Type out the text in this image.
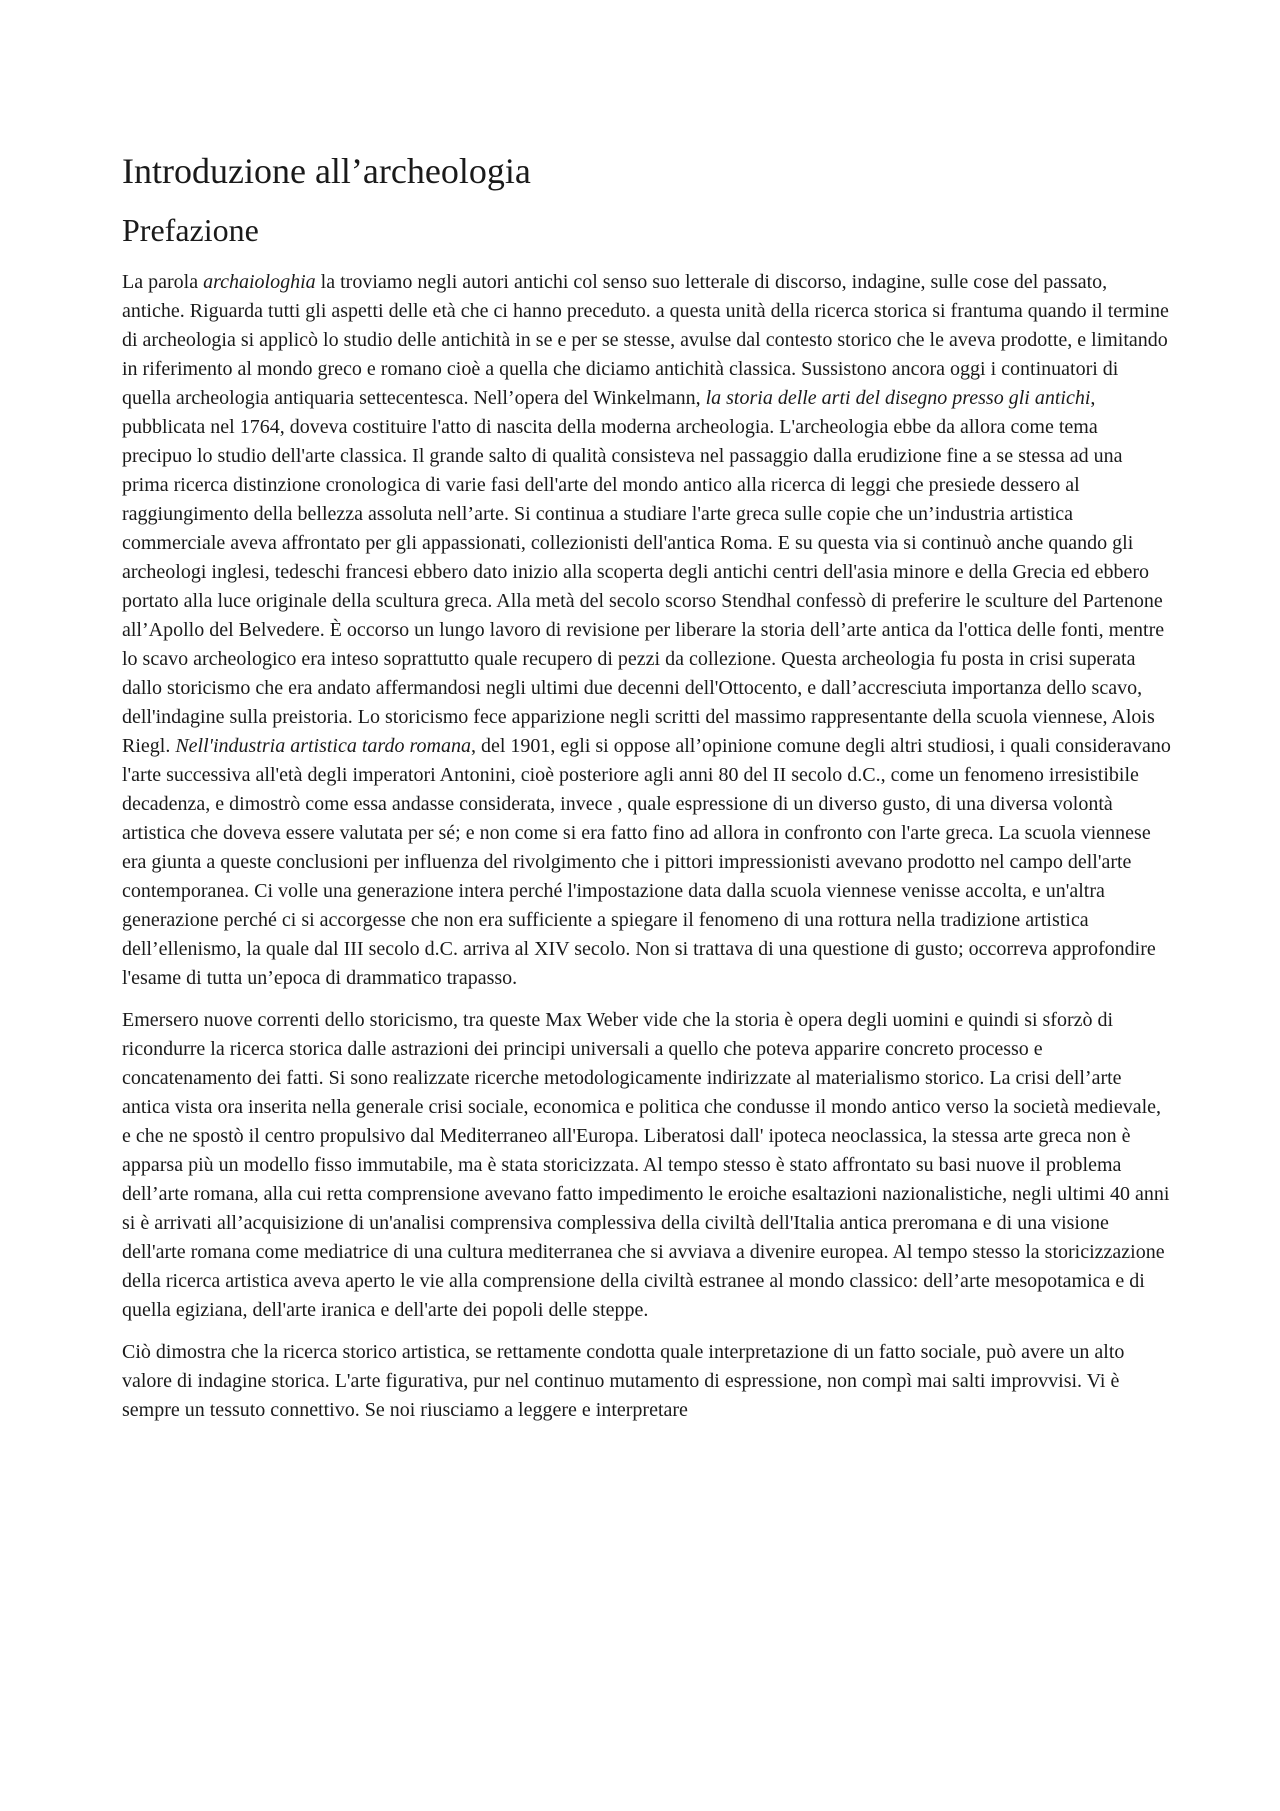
Introduzione all’archeologia
Prefazione

La parola archaiologhia la troviamo negli autori antichi col senso suo letterale di discorso, indagine, sulle cose del passato, antiche. Riguarda tutti gli aspetti delle età che ci hanno preceduto. a questa unità della ricerca storica si frantuma quando il termine di archeologia si applicò lo studio delle antichità in se e per se stesse, avulse dal contesto storico che le aveva prodotte, e limitando in riferimento al mondo greco e romano cioè a quella che diciamo antichità classica. Sussistono ancora oggi i continuatori di quella archeologia antiquaria settecentesca. Nell’opera del Winkelmann, la storia delle arti del disegno presso gli antichi, pubblicata nel 1764, doveva costituire l'atto di nascita della moderna archeologia. L'archeologia ebbe da allora come tema precipuo lo studio dell'arte classica. Il grande salto di qualità consisteva nel passaggio dalla erudizione fine a se stessa ad una prima ricerca distinzione cronologica di varie fasi dell'arte del mondo antico alla ricerca di leggi che presiede dessero al raggiungimento della bellezza assoluta nell’arte. Si continua a studiare l'arte greca sulle copie che un’industria artistica commerciale aveva affrontato per gli appassionati, collezionisti dell'antica Roma. E su questa via si continuò anche quando gli archeologi inglesi, tedeschi francesi ebbero dato inizio alla scoperta degli antichi centri dell'asia minore e della Grecia ed ebbero portato alla luce originale della scultura greca. Alla metà del secolo scorso Stendhal confessò di preferire le sculture del Partenone all’Apollo del Belvedere. È occorso un lungo lavoro di revisione per liberare la storia dell’arte antica da l'ottica delle fonti, mentre lo scavo archeologico era inteso soprattutto quale recupero di pezzi da collezione. Questa archeologia fu posta in crisi superata dallo storicismo che era andato affermandosi negli ultimi due decenni dell'Ottocento, e dall’accresciuta importanza dello scavo, dell'indagine sulla preistoria. Lo storicismo fece apparizione negli scritti del massimo rappresentante della scuola viennese, Alois Riegl. Nell'industria artistica tardo romana, del 1901, egli si oppose all’opinione comune degli altri studiosi, i quali consideravano l'arte successiva all'età degli imperatori Antonini, cioè posteriore agli anni 80 del II secolo d.C., come un fenomeno irresistibile decadenza, e dimostrò come essa andasse considerata, invece , quale espressione di un diverso gusto, di una diversa volontà artistica che doveva essere valutata per sé; e non come si era fatto fino ad allora in confronto con l'arte greca. La scuola viennese era giunta a queste conclusioni per influenza del rivolgimento che i pittori impressionisti avevano prodotto nel campo dell'arte contemporanea. Ci volle una generazione intera perché l'impostazione data dalla scuola viennese venisse accolta, e un'altra generazione perché ci si accorgesse che non era sufficiente a spiegare il fenomeno di una rottura nella tradizione artistica dell’ellenismo, la quale dal III secolo d.C. arriva al XIV secolo. Non si trattava di una questione di gusto; occorreva approfondire l'esame di tutta un’epoca di drammatico trapasso.

Emersero nuove correnti dello storicismo, tra queste Max Weber vide che la storia è opera degli uomini e quindi si sforzò di ricondurre la ricerca storica dalle astrazioni dei principi universali a quello che poteva apparire concreto processo e concatenamento dei fatti. Si sono realizzate ricerche metodologicamente indirizzate al materialismo storico. La crisi dell’arte antica vista ora inserita nella generale crisi sociale, economica e politica che condusse il mondo antico verso la società medievale, e che ne spostò il centro propulsivo dal Mediterraneo all'Europa. Liberatosi dall' ipoteca neoclassica, la stessa arte greca non è apparsa più un modello fisso immutabile, ma è stata storicizzata. Al tempo stesso è stato affrontato su basi nuove il problema dell’arte romana, alla cui retta comprensione avevano fatto impedimento le eroiche esaltazioni nazionalistiche, negli ultimi 40 anni si è arrivati all’acquisizione di un'analisi comprensiva complessiva della civiltà dell'Italia antica preromana e di una visione dell'arte romana come mediatrice di una cultura mediterranea che si avviava a divenire europea. Al tempo stesso la storicizzazione della ricerca artistica aveva aperto le vie alla comprensione della civiltà estranee al mondo classico: dell’arte mesopotamica e di quella egiziana, dell'arte iranica e dell'arte dei popoli delle steppe.

Ciò dimostra che la ricerca storico artistica, se rettamente condotta quale interpretazione di un fatto sociale, può avere un alto valore di indagine storica. L'arte figurativa, pur nel continuo mutamento di espressione, non compì mai salti improvvisi. Vi è sempre un tessuto connettivo. Se noi riusciamo a leggere e interpretare
